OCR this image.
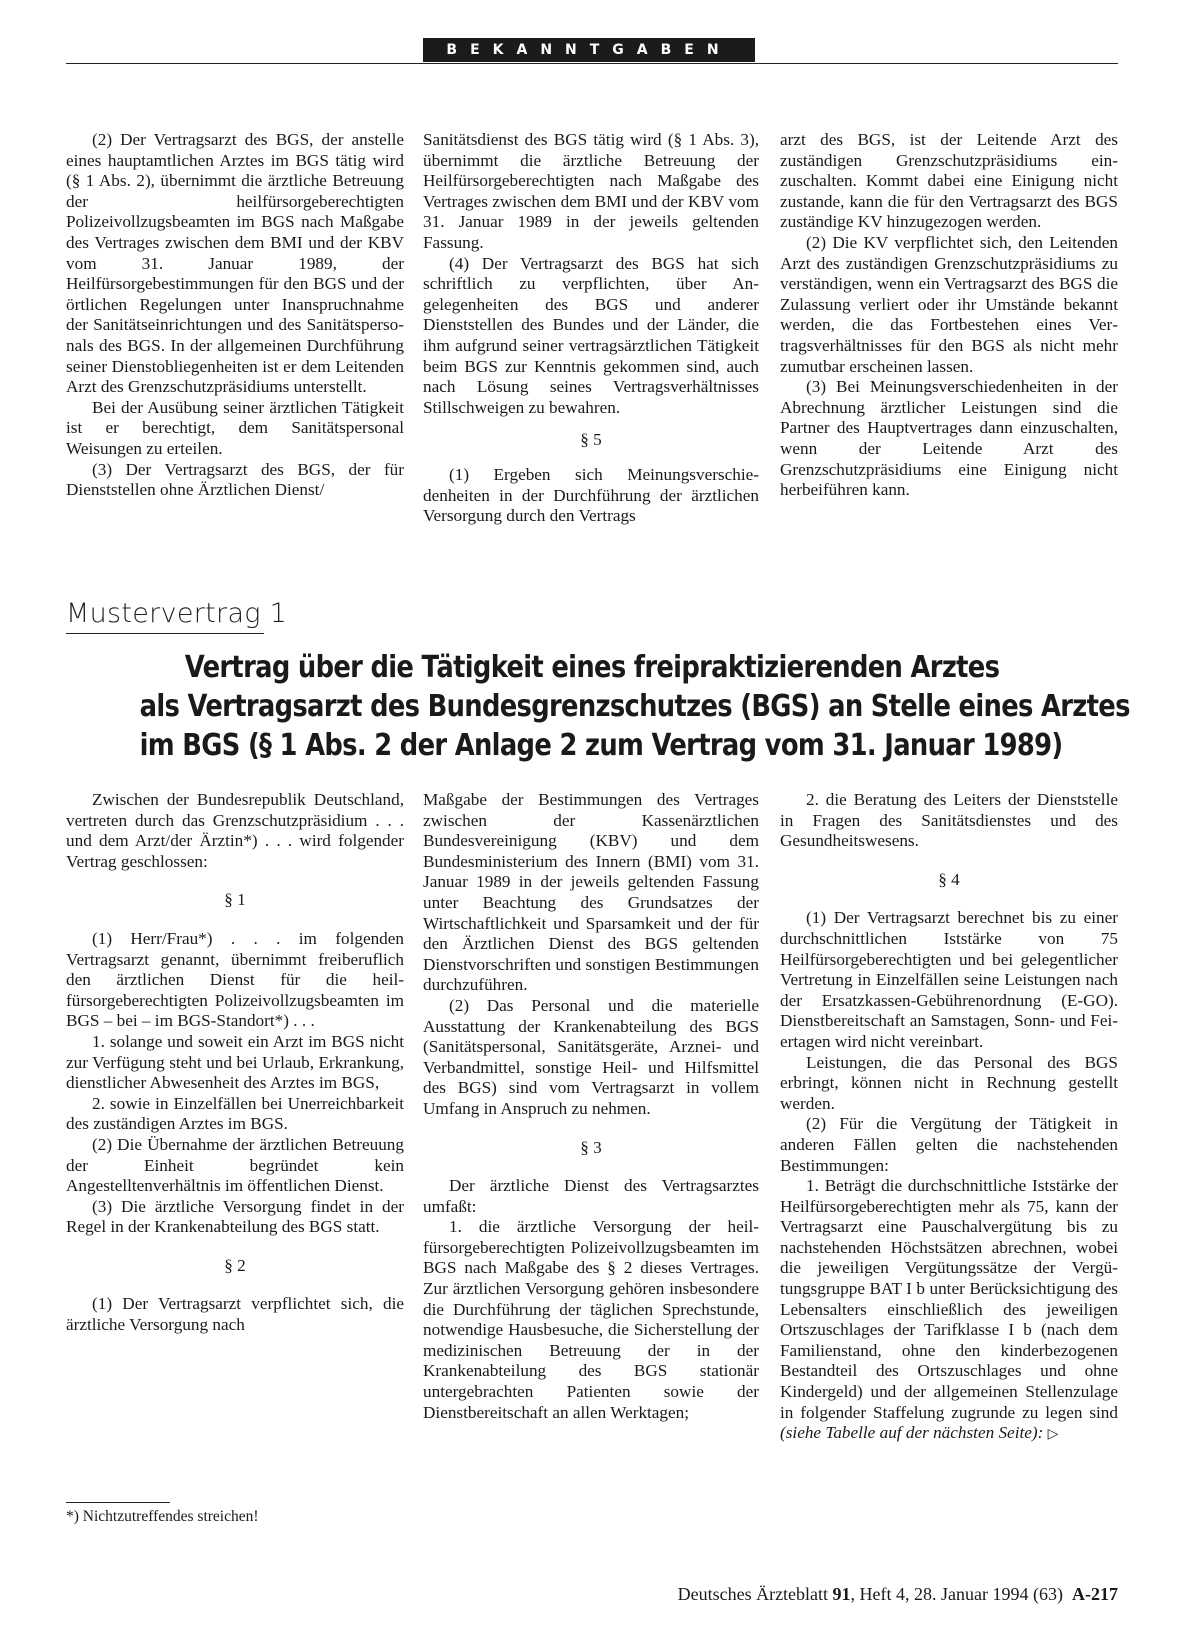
BEKANNTGABEN

(2) Der Vertragsarzt des BGS, der anstelle eines hauptamtlichen Arztes im BGS tätig wird (§ 1 Abs. 2), übernimmt die ärztliche Betreuung der heilfürsorgeberechtigten Polizeivollzugsbeamten im BGS nach Maßgabe des Vertrages zwischen dem BMI und der KBV vom 31. Januar 1989, der Heilfürsorgebestimmungen für den BGS und der örtlichen Regelungen unter Inanspruchnahme der Sanitätseinrichtungen und des Sanitätspersonals des BGS. In der allgemeinen Durchführung seiner Dienstobliegenheiten ist er dem Leitenden Arzt des Grenzschutzpräsidiums unterstellt.

Bei der Ausübung seiner ärztlichen Tätigkeit ist er berechtigt, dem Sanitätspersonal Weisungen zu erteilen.

(3) Der Vertragsarzt des BGS, der für Dienststellen ohne Ärztlichen Dienst/

Sanitätsdienst des BGS tätig wird (§ 1 Abs. 3), übernimmt die ärztliche Betreuung der Heilfürsorgeberechtigten nach Maßgabe des Vertrages zwischen dem BMI und der KBV vom 31. Januar 1989 in der jeweils geltenden Fassung.

(4) Der Vertragsarzt des BGS hat sich schriftlich zu verpflichten, über Angelegenheiten des BGS und anderer Dienststellen des Bundes und der Länder, die ihm aufgrund seiner vertragsärztlichen Tätigkeit beim BGS zur Kenntnis gekommen sind, auch nach Lösung seines Vertragsverhältnisses Stillschweigen zu bewahren.

§ 5

(1) Ergeben sich Meinungsverschiedenheiten in der Durchführung der ärztlichen Versorgung durch den Vertrags

arzt des BGS, ist der Leitende Arzt des zuständigen Grenzschutzpräsidiums einzuschalten. Kommt dabei eine Einigung nicht zustande, kann die für den Vertragsarzt des BGS zuständige KV hinzugezogen werden.

(2) Die KV verpflichtet sich, den Leitenden Arzt des zuständigen Grenzschutzpräsidiums zu verständigen, wenn ein Vertragsarzt des BGS die Zulassung verliert oder ihr Umstände bekannt werden, die das Fortbestehen eines Vertragsverhältnisses für den BGS als nicht mehr zumutbar erscheinen lassen.

(3) Bei Meinungsverschiedenheiten in der Abrechnung ärztlicher Leistungen sind die Partner des Hauptvertrages dann einzuschalten, wenn der Leitende Arzt des Grenzschutzpräsidiums eine Einigung nicht herbeiführen kann.

Mustervertrag 1
Vertrag über die Tätigkeit eines freipraktizierenden Arztes
als Vertragsarzt des Bundesgrenzschutzes (BGS) an Stelle eines Arztes
im BGS (§ 1 Abs. 2 der Anlage 2 zum Vertrag vom 31. Januar 1989)

Zwischen der Bundesrepublik Deutschland, vertreten durch das Grenzschutzpräsidium . . . und dem Arzt/der Ärztin*) . . . wird folgender Vertrag geschlossen:

§ 1

(1) Herr/Frau*) . . . im folgenden Vertragsarzt genannt, übernimmt freiberuflich den ärztlichen Dienst für die heilfürsorgeberechtigten Polizeivollzugsbeamten im BGS – bei – im BGS-Standort*) . . .

1. solange und soweit ein Arzt im BGS nicht zur Verfügung steht und bei Urlaub, Erkrankung, dienstlicher Abwesenheit des Arztes im BGS,

2. sowie in Einzelfällen bei Unerreichbarkeit des zuständigen Arztes im BGS.

(2) Die Übernahme der ärztlichen Betreuung der Einheit begründet kein Angestelltenverhältnis im öffentlichen Dienst.

(3) Die ärztliche Versorgung findet in der Regel in der Krankenabteilung des BGS statt.

§ 2

(1) Der Vertragsarzt verpflichtet sich, die ärztliche Versorgung nach

Maßgabe der Bestimmungen des Vertrages zwischen der Kassenärztlichen Bundesvereinigung (KBV) und dem Bundesministerium des Innern (BMI) vom 31. Januar 1989 in der jeweils geltenden Fassung unter Beachtung des Grundsatzes der Wirtschaftlichkeit und Sparsamkeit und der für den Ärztlichen Dienst des BGS geltenden Dienstvorschriften und sonstigen Bestimmungen durchzuführen.

(2) Das Personal und die materielle Ausstattung der Krankenabteilung des BGS (Sanitätspersonal, Sanitätsgeräte, Arznei- und Verbandmittel, sonstige Heil- und Hilfsmittel des BGS) sind vom Vertragsarzt in vollem Umfang in Anspruch zu nehmen.

§ 3

Der ärztliche Dienst des Vertragsarztes umfaßt:

1. die ärztliche Versorgung der heilfürsorgeberechtigten Polizeivollzugsbeamten im BGS nach Maßgabe des § 2 dieses Vertrages. Zur ärztlichen Versorgung gehören insbesondere die Durchführung der täglichen Sprechstunde, notwendige Hausbesuche, die Sicherstellung der medizinischen Betreuung der in der Krankenabteilung des BGS stationär untergebrachten Patienten sowie der Dienstbereitschaft an allen Werktagen;

2. die Beratung des Leiters der Dienststelle in Fragen des Sanitätsdienstes und des Gesundheitswesens.

§ 4

(1) Der Vertragsarzt berechnet bis zu einer durchschnittlichen Iststärke von 75 Heilfürsorgeberechtigten und bei gelegentlicher Vertretung in Einzelfällen seine Leistungen nach der Ersatzkassen-Gebührenordnung (E-GO). Dienstbereitschaft an Samstagen, Sonn- und Feiertagen wird nicht vereinbart.

Leistungen, die das Personal des BGS erbringt, können nicht in Rechnung gestellt werden.

(2) Für die Vergütung der Tätigkeit in anderen Fällen gelten die nachstehenden Bestimmungen:

1. Beträgt die durchschnittliche Iststärke der Heilfürsorgeberechtigten mehr als 75, kann der Vertragsarzt eine Pauschalvergütung bis zu nachstehenden Höchstsätzen abrechnen, wobei die jeweiligen Vergütungssätze der Vergütungsgruppe BAT I b unter Berücksichtigung des Lebensalters einschließlich des jeweiligen Ortszuschlages der Tarifklasse I b (nach dem Familienstand, ohne den kinderbezogenen Bestandteil des Ortszuschlages und ohne Kindergeld) und der allgemeinen Stellenzulage in folgender Staffelung zugrunde zu legen sind (siehe Tabelle auf der nächsten Seite): ▷

*) Nichtzutreffendes streichen!
Deutsches Ärzteblatt 91, Heft 4, 28. Januar 1994 (63) A-217
